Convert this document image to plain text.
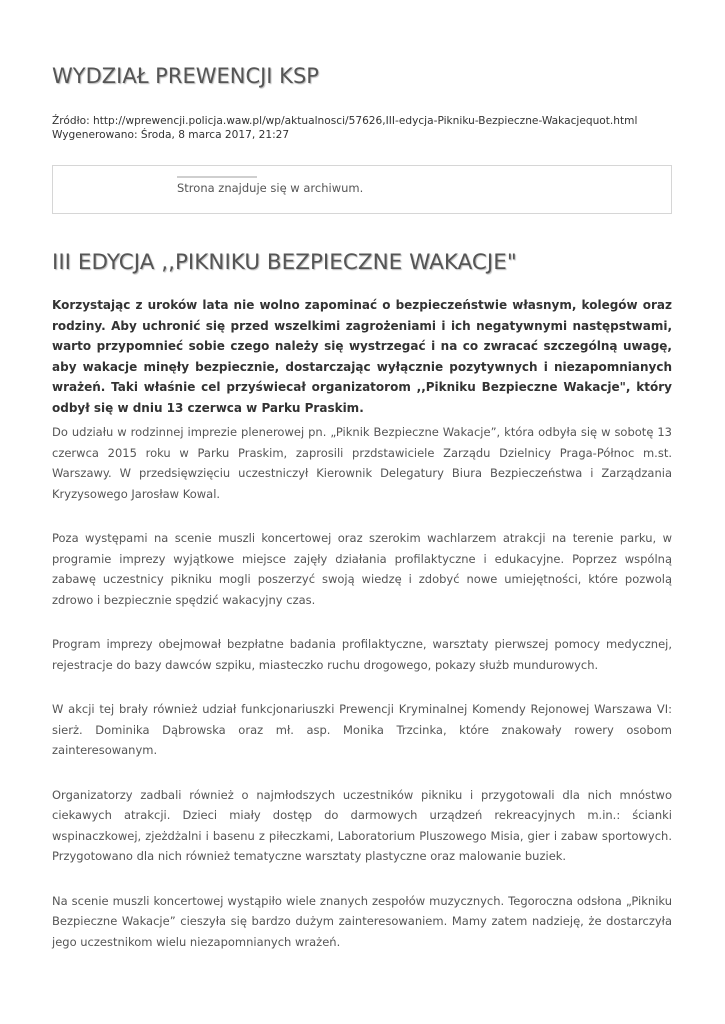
WYDZIAŁ PREWENCJI KSP
Źródło: http://wprewencji.policja.waw.pl/wp/aktualnosci/57626,III-edycja-Pikniku-Bezpieczne-Wakacjequot.html
Wygenerowano: Środa, 8 marca 2017, 21:27
Strona znajduje się w archiwum.
III EDYCJA ,,PIKNIKU BEZPIECZNE WAKACJE"

Korzystając z uroków lata nie wolno zapominać o bezpieczeństwie własnym, kolegów oraz rodziny. Aby uchronić się przed wszelkimi zagrożeniami i ich negatywnymi następstwami, warto przypomnieć sobie czego należy się wystrzegać i na co zwracać szczególną uwagę, aby wakacje minęły bezpiecznie, dostarczając wyłącznie pozytywnych i niezapomnianych wrażeń. Taki właśnie cel przyświecał organizatorom ,,Pikniku Bezpieczne Wakacje", który odbył się w dniu 13 czerwca w Parku Praskim.

Do udziału w rodzinnej imprezie plenerowej pn. „Piknik Bezpieczne Wakacje”, która odbyła się w sobotę 13 czerwca 2015 roku w Parku Praskim, zaprosili przdstawiciele Zarządu Dzielnicy Praga-Północ m.st. Warszawy. W przedsięwzięciu uczestniczył Kierownik Delegatury Biura Bezpieczeństwa i Zarządzania Kryzysowego Jarosław Kowal.

Poza występami na scenie muszli koncertowej oraz szerokim wachlarzem atrakcji na terenie parku, w programie imprezy wyjątkowe miejsce zajęły działania profilaktyczne i edukacyjne. Poprzez wspólną zabawę uczestnicy pikniku mogli poszerzyć swoją wiedzę i zdobyć nowe umiejętności, które pozwolą zdrowo i bezpiecznie spędzić wakacyjny czas.

Program imprezy obejmował bezpłatne badania profilaktyczne, warsztaty pierwszej pomocy medycznej, rejestracje do bazy dawców szpiku, miasteczko ruchu drogowego, pokazy służb mundurowych.

W akcji tej brały również udział funkcjonariuszki Prewencji Kryminalnej Komendy Rejonowej Warszawa VI: sierż. Dominika Dąbrowska oraz mł. asp. Monika Trzcinka, które znakowały rowery osobom zainteresowanym.

Organizatorzy zadbali również o najmłodszych uczestników pikniku i przygotowali dla nich mnóstwo ciekawych atrakcji. Dzieci miały dostęp do darmowych urządzeń rekreacyjnych m.in.: ścianki wspinaczkowej, zjeżdżalni i basenu z piłeczkami, Laboratorium Pluszowego Misia, gier i zabaw sportowych. Przygotowano dla nich również tematyczne warsztaty plastyczne oraz malowanie buziek.

Na scenie muszli koncertowej wystąpiło wiele znanych zespołów muzycznych. Tegoroczna odsłona „Pikniku Bezpieczne Wakacje” cieszyła się bardzo dużym zainteresowaniem. Mamy zatem nadzieję, że dostarczyła jego uczestnikom wielu niezapomnianych wrażeń.
